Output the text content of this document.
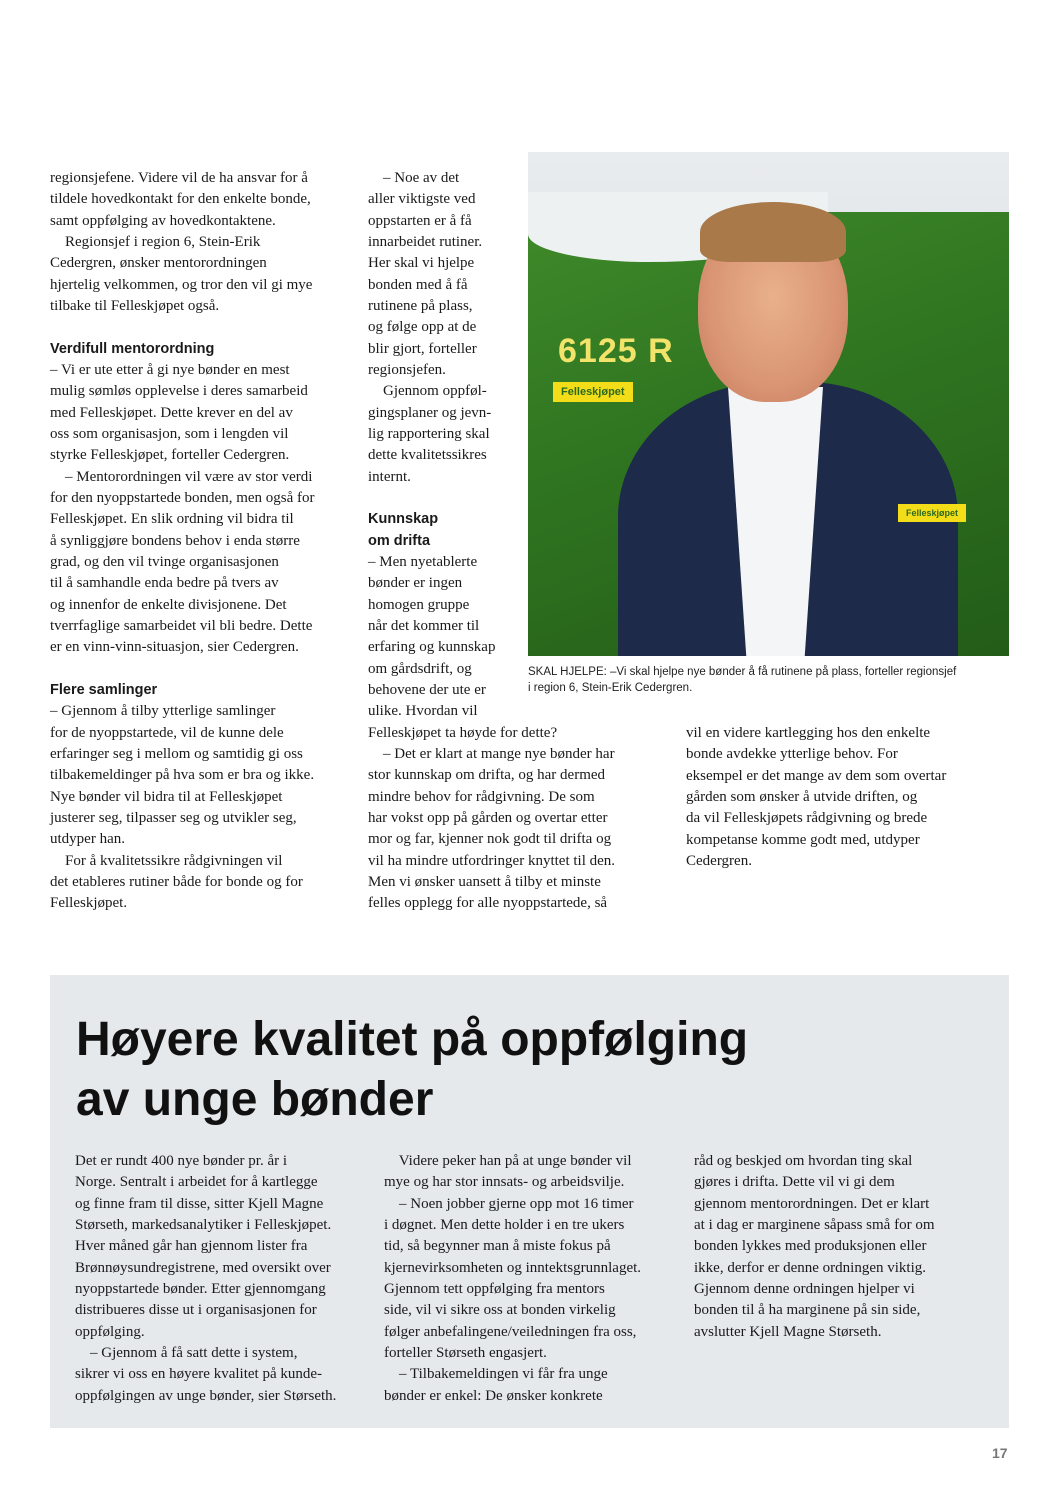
regionsjefene. Videre vil de ha ansvar for å
tildele hovedkontakt for den enkelte bonde,
samt oppfølging av hovedkontaktene.
Regionsjef i region 6, Stein-Erik
Cedergren, ønsker mentorordningen
hjertelig velkommen, og tror den vil gi mye
tilbake til Felleskjøpet også.

Verdifull mentorordning

– Vi er ute etter å gi nye bønder en mest
mulig sømløs opplevelse i deres samarbeid
med Felleskjøpet. Dette krever en del av
oss som organisasjon, som i lengden vil
styrke Felleskjøpet, forteller Cedergren.
– Mentorordningen vil være av stor verdi
for den nyoppstartede bonden, men også for
Felleskjøpet. En slik ordning vil bidra til
å synliggjøre bondens behov i enda større
grad, og den vil tvinge organisasjonen
til å samhandle enda bedre på tvers av
og innenfor de enkelte divisjonene. Det
tverrfaglige samarbeidet vil bli bedre. Dette
er en vinn-vinn-situasjon, sier Cedergren.

Flere samlinger

– Gjennom å tilby ytterlige samlinger
for de nyoppstartede, vil de kunne dele
erfaringer seg i mellom og samtidig gi oss
tilbakemeldinger på hva som er bra og ikke.
Nye bønder vil bidra til at Felleskjøpet
justerer seg, tilpasser seg og utvikler seg,
utdyper han.
For å kvalitetssikre rådgivningen vil
det etableres rutiner både for bonde og for
Felleskjøpet.

– Noe av det
aller viktigste ved
oppstarten er å få
innarbeidet rutiner.
Her skal vi hjelpe
bonden med å få
rutinene på plass,
og følge opp at de
blir gjort, forteller
regionsjefen.
Gjennom oppføl-
gingsplaner og jevn-
lig rapportering skal
dette kvalitetssikres
internt.

Kunnskap
om drifta

– Men nyetablerte
bønder er ingen
homogen gruppe
når det kommer til
erfaring og kunnskap
om gårdsdrift, og
behovene der ute er
ulike. Hvordan vil
Felleskjøpet ta høyde for dette?
– Det er klart at mange nye bønder har
stor kunnskap om drifta, og har dermed
mindre behov for rådgivning. De som
har vokst opp på gården og overtar etter
mor og far, kjenner nok godt til drifta og
vil ha mindre utfordringer knyttet til den.
Men vi ønsker uansett å tilby et minste
felles opplegg for alle nyoppstartede, så

6125 R
Felleskjøpet
Felleskjøpet
SKAL HJELPE: –Vi skal hjelpe nye bønder å få rutinene på plass, forteller regionsjef
i region 6, Stein-Erik Cedergren.

vil en videre kartlegging hos den enkelte
bonde avdekke ytterlige behov. For
eksempel er det mange av dem som overtar
gården som ønsker å utvide driften, og
da vil Felleskjøpets rådgivning og brede
kompetanse komme godt med, utdyper
Cedergren.

Høyere kvalitet på oppfølging
av unge bønder

Det er rundt 400 nye bønder pr. år i
Norge. Sentralt i arbeidet for å kartlegge
og finne fram til disse, sitter Kjell Magne
Størseth, markedsanalytiker i Felleskjøpet.
Hver måned går han gjennom lister fra
Brønnøysundregistrene, med oversikt over
nyoppstartede bønder. Etter gjennomgang
distribueres disse ut i organisasjonen for
oppfølging.
– Gjennom å få satt dette i system,
sikrer vi oss en høyere kvalitet på kunde-
oppfølgingen av unge bønder, sier Størseth.

Videre peker han på at unge bønder vil
mye og har stor innsats- og arbeidsvilje.
– Noen jobber gjerne opp mot 16 timer
i døgnet. Men dette holder i en tre ukers
tid, så begynner man å miste fokus på
kjernevirksomheten og inntektsgrunnlaget.
Gjennom tett oppfølging fra mentors
side, vil vi sikre oss at bonden virkelig
følger anbefalingene/veiledningen fra oss,
forteller Størseth engasjert.
– Tilbakemeldingen vi får fra unge
bønder er enkel: De ønsker konkrete

råd og beskjed om hvordan ting skal
gjøres i drifta. Dette vil vi gi dem
gjennom mentorordningen. Det er klart
at i dag er marginene såpass små for om
bonden lykkes med produksjonen eller
ikke, derfor er denne ordningen viktig.
Gjennom denne ordningen hjelper vi
bonden til å ha marginene på sin side,
avslutter Kjell Magne Størseth.

17
